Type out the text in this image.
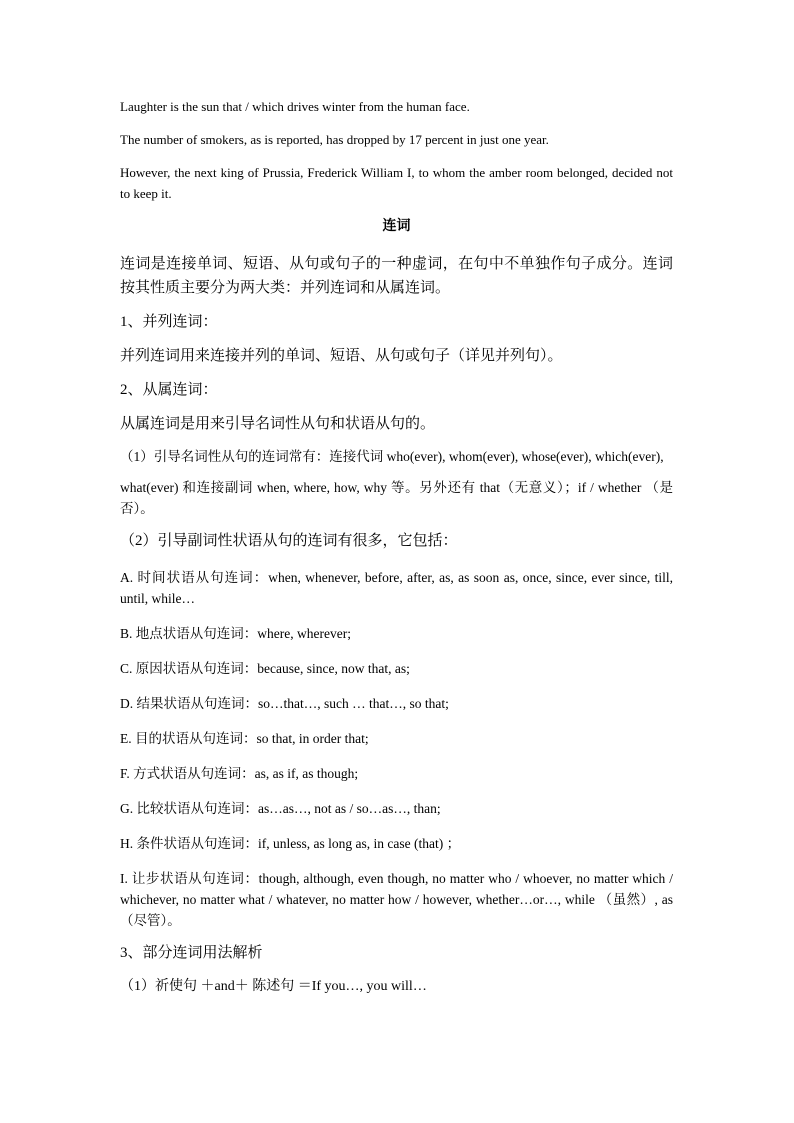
Laughter is the sun that / which drives winter from the human face.

The number of smokers, as is reported, has dropped by 17 percent in just one year.

However, the next king of Prussia, Frederick William I, to whom the amber room belonged, decided not to keep it.

连词

连词是连接单词、短语、从句或句子的一种虚词，在句中不单独作句子成分。连词按其性质主要分为两大类：并列连词和从属连词。

1、并列连词：

并列连词用来连接并列的单词、短语、从句或句子（详见并列句）。

2、从属连词：

从属连词是用来引导名词性从句和状语从句的。

（1）引导名词性从句的连词常有：连接代词 who(ever), whom(ever), whose(ever), which(ever),

what(ever) 和连接副词 when, where, how, why 等。另外还有 that（无意义）；if / whether （是否）。

（2）引导副词性状语从句的连词有很多，它包括：

A. 时间状语从句连词：when, whenever, before, after, as, as soon as, once, since, ever since, till, until, while…

B. 地点状语从句连词：where, wherever;

C. 原因状语从句连词：because, since, now that, as;

D. 结果状语从句连词：so…that…, such … that…, so that;

E. 目的状语从句连词：so that, in order that;

F. 方式状语从句连词：as, as if, as though;

G. 比较状语从句连词：as…as…, not as / so…as…, than;

H. 条件状语从句连词：if, unless, as long as, in case (that) ；

I. 让步状语从句连词：though, although, even though, no matter who / whoever, no matter which / whichever, no matter what / whatever, no matter how / however, whether…or…, while （虽然）, as（尽管）。

3、部分连词用法解析

（1）祈使句 ＋and＋ 陈述句 ＝If you…, you will…
